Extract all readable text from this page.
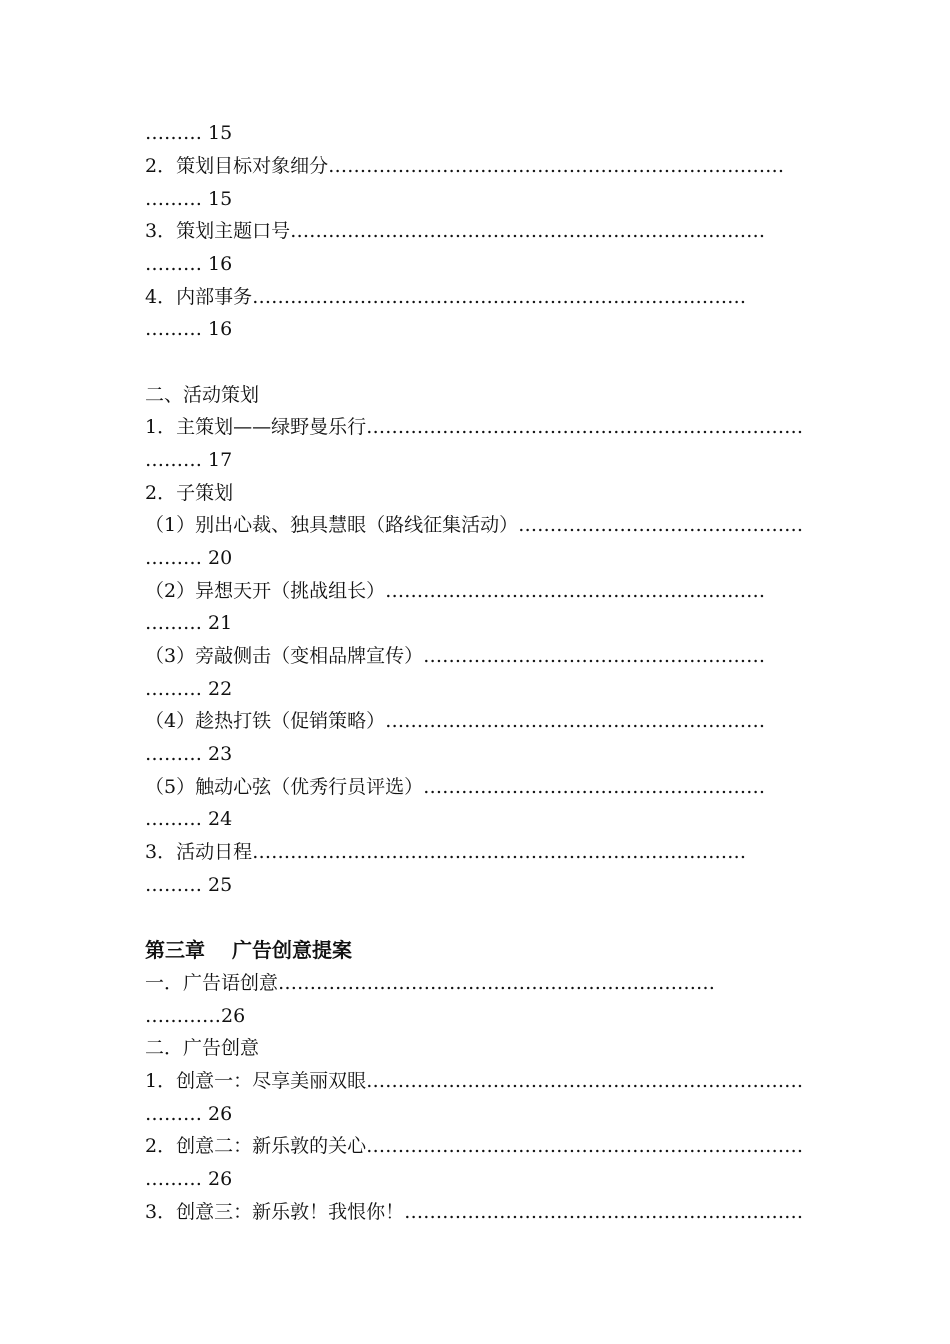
……… 15
2．策划目标对象细分………………………………………………………………
……… 15
3．策划主题口号…………………………………………………………………
……… 16
4．内部事务……………………………………………………………………
……… 16
二、活动策划
1．主策划——绿野曼乐行……………………………………………………………
……… 17
2．子策划
（1）别出心裁、独具慧眼（路线征集活动）………………………………………
……… 20
（2）异想天开（挑战组长）……………………………………………………
……… 21
（3）旁敲侧击（变相品牌宣传）………………………………………………
……… 22
（4）趁热打铁（促销策略）……………………………………………………
……… 23
（5）触动心弦（优秀行员评选）………………………………………………
……… 24
3．活动日程……………………………………………………………………
……… 25
第三章　 广告创意提案
一．广告语创意……………………………………………………………
…………26
二．广告创意
1．创意一：尽享美丽双眼……………………………………………………………
……… 26
2．创意二：新乐敦的关心……………………………………………………………
……… 26
3．创意三：新乐敦！我恨你！………………………………………………………
